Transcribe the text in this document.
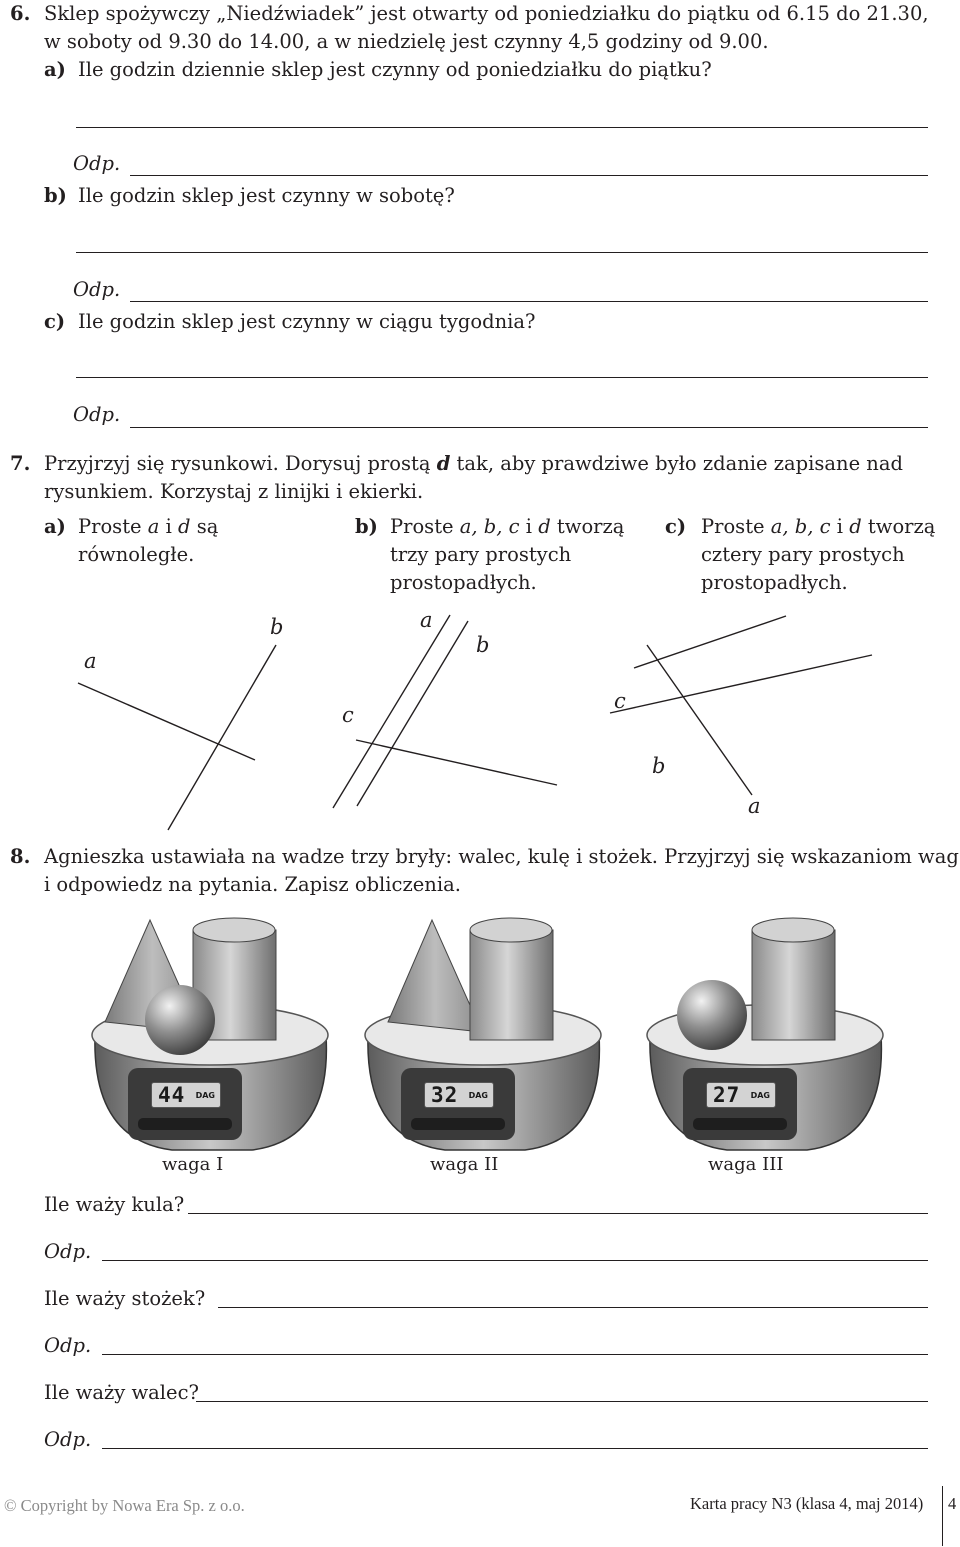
6. Sklep spożywczy „Niedźwiadek” jest otwarty od poniedziałku do piątku od 6.15 do 21.30,
w soboty od 9.30 do 14.00, a w niedzielę jest czynny 4,5 godziny od 9.00.
a) Ile godzin dziennie sklep jest czynny od poniedziałku do piątku?
Odp.
b) Ile godzin sklep jest czynny w sobotę?
Odp.
c) Ile godzin sklep jest czynny w ciągu tygodnia?
Odp.
7. Przyjrzyj się rysunkowi. Dorysuj prostą d tak, aby prawdziwe było zdanie zapisane nad
rysunkiem. Korzystaj z linijki i ekierki.
a) Proste a i d są
równoległe.
b) Proste a, b, c i d tworzą
trzy pary prostych
prostopadłych.
c) Proste a, b, c i d tworzą
cztery pary prostych
prostopadłych.
a
b	a
b
c
c
b
a
8. Agnieszka ustawiała na wadze trzy bryły: walec, kulę i stożek. Przyjrzyj się wskazaniom wag
i odpowiedz na pytania. Zapisz obliczenia.
44 DAG	32 DAG	27 DAG
waga I	waga II	waga III
Ile waży kula?
Odp.
Ile waży stożek?
Odp.
Ile waży walec?
Odp.
© Copyright by Nowa Era Sp. z o.o.	Karta pracy N3 (klasa 4, maj 2014) 4
